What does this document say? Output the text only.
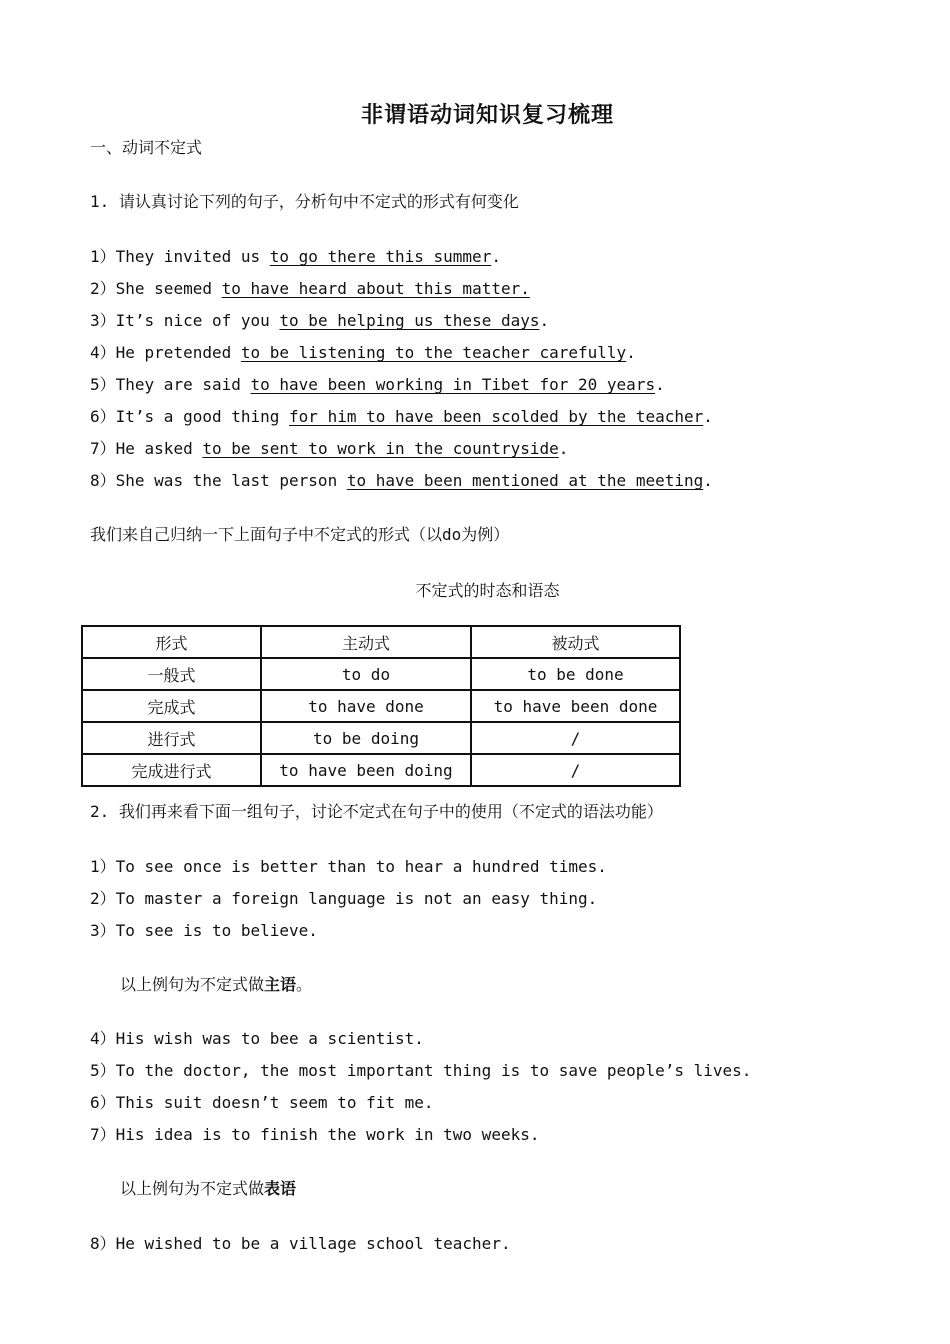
非谓语动词知识复习梳理
一、动词不定式
1. 请认真讨论下列的句子，分析句中不定式的形式有何变化
1）They invited us to go there this summer.
2）She seemed to have heard about this matter.
3）It’s nice of you to be helping us these days.
4）He pretended to be listening to the teacher carefully.
5）They are said to have been working in Tibet for 20 years.
6）It’s a good thing for him to have been scolded by the teacher.
7）He asked to be sent to work in the countryside.
8）She was the last person to have been mentioned at the meeting.
我们来自己归纳一下上面句子中不定式的形式（以do为例）
不定式的时态和语态
形式	主动式	被动式
一般式	to do	to be done
完成式	to have done	to have been done
进行式	to be doing	/
完成进行式	to have been doing	/
2. 我们再来看下面一组句子，讨论不定式在句子中的使用（不定式的语法功能）
1）To see once is better than to hear a hundred times.
2）To master a foreign language is not an easy thing.
3）To see is to believe.
以上例句为不定式做主语。
4）His wish was to bee a scientist.
5）To the doctor, the most important thing is to save people’s lives.
6）This suit doesn’t seem to fit me.
7）His idea is to finish the work in two weeks.
以上例句为不定式做表语
8）He wished to be a village school teacher.
